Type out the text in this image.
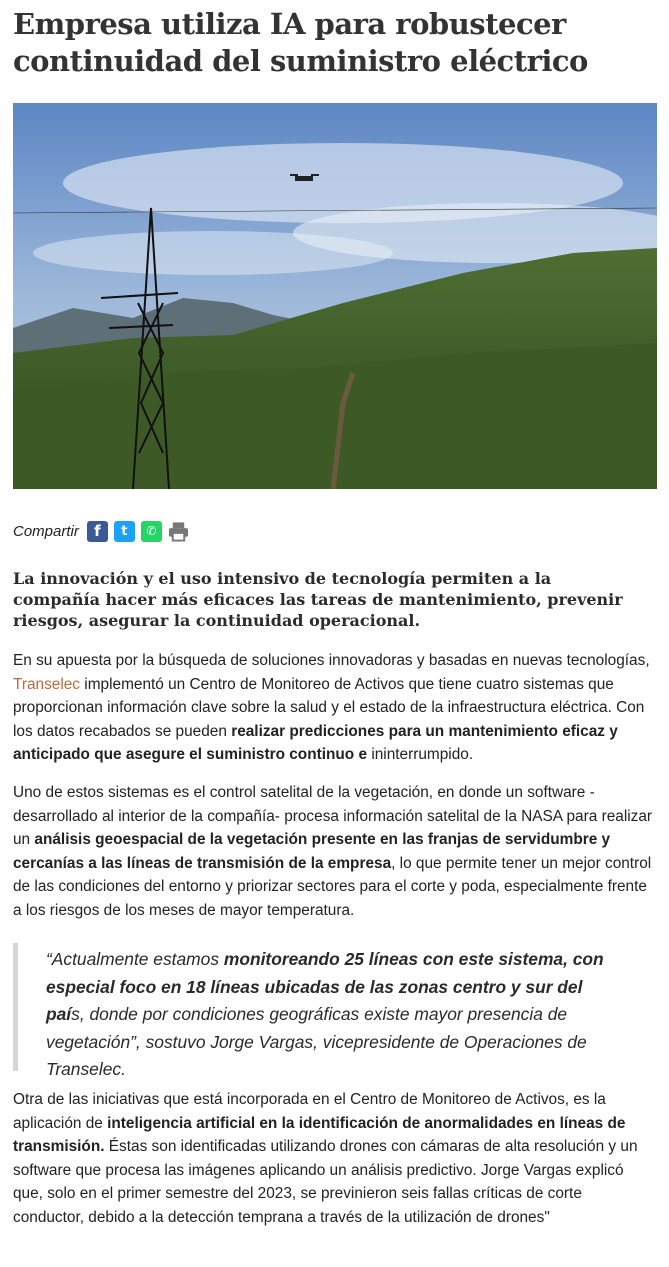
Empresa utiliza IA para robustecer continuidad del suministro eléctrico
Compartir	f	t	✆

La innovación y el uso intensivo de tecnología permiten a la compañía hacer más eficaces las tareas de mantenimiento, prevenir riesgos, asegurar la continuidad operacional.

En su apuesta por la búsqueda de soluciones innovadoras y basadas en nuevas tecnologías, Transelec implementó un Centro de Monitoreo de Activos que tiene cuatro sistemas que proporcionan información clave sobre la salud y el estado de la infraestructura eléctrica. Con los datos recabados se pueden realizar predicciones para un mantenimiento eficaz y anticipado que asegure el suministro continuo e ininterrumpido.

Uno de estos sistemas es el control satelital de la vegetación, en donde un software -desarrollado al interior de la compañía- procesa información satelital de la NASA para realizar un análisis geoespacial de la vegetación presente en las franjas de servidumbre y cercanías a las líneas de transmisión de la empresa, lo que permite tener un mejor control de las condiciones del entorno y priorizar sectores para el corte y poda, especialmente frente a los riesgos de los meses de mayor temperatura.

“Actualmente estamos monitoreando 25 líneas con este sistema, con especial foco en 18 líneas ubicadas de las zonas centro y sur del país, donde por condiciones geográficas existe mayor presencia de vegetación”, sostuvo Jorge Vargas, vicepresidente de Operaciones de Transelec.

Otra de las iniciativas que está incorporada en el Centro de Monitoreo de Activos, es la aplicación de inteligencia artificial en la identificación de anormalidades en líneas de transmisión. Éstas son identificadas utilizando drones con cámaras de alta resolución y un software que procesa las imágenes aplicando un análisis predictivo. Jorge Vargas explicó que, solo en el primer semestre del 2023, se previnieron seis fallas críticas de corte conductor, debido a la detección temprana a través de la utilización de drones"
